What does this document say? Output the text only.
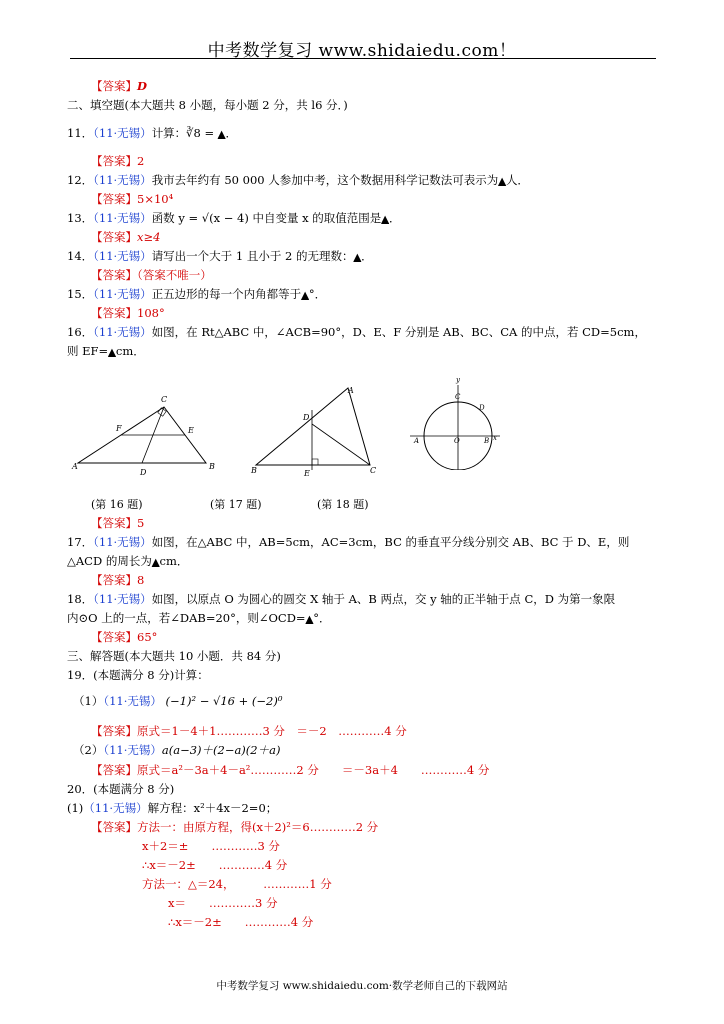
中考数学复习 www.shidaiedu.com！
【答案】D
二、填空题(本大题共 8 小题，每小题 2 分，共 l6 分．)
11．（11·无锡）计算：∛8 = ▲．
【答案】2
12．（11·无锡）我市去年约有 50 000 人参加中考，这个数据用科学记数法可表示为▲人．
【答案】5×10⁴
13．（11·无锡）函数 y = √(x − 4) 中自变量 x 的取值范围是▲．
【答案】x≥4
14．（11·无锡）请写出一个大于 1 且小于 2 的无理数：▲．
【答案】（答案不唯一）
15．（11·无锡）正五边形的每一个内角都等于▲°．
【答案】108°
16．（11·无锡）如图，在 Rt△ABC 中，∠ACB=90°，D、E、F 分别是 AB、BC、CA 的中点，若 CD=5cm，
则 EF=▲cm．
C
F	E
A	B
D
A
D
B	E	C
y
C
D
A	O	B x
(第 16 题)	(第 17 题)	(第 18 题)
【答案】5
17．（11·无锡）如图，在△ABC 中，AB=5cm，AC=3cm，BC 的垂直平分线分别交 AB、BC 于 D、E，则
△ACD 的周长为▲cm．
【答案】8
18．（11·无锡）如图，以原点 O 为圆心的圆交 X 轴于 A、B 两点，交 y 轴的正半轴于点 C，D 为第一象限
内⊙O 上的一点，若∠DAB=20°，则∠OCD=▲°．
【答案】65°
三、解答题(本大题共 10 小题．共 84 分)
19．(本题满分 8 分)计算：
（1）（11·无锡） (−1)² − √16 + (−2)⁰
【答案】原式＝1－4＋1…………3 分　＝－2　…………4 分
（2）（11·无锡）a(a−3)＋(2−a)(2＋a)
【答案】原式＝a²－3a＋4－a²…………2 分　　＝－3a＋4　　…………4 分
20．(本题满分 8 分)
(1)（11·无锡）解方程：x²＋4x－2=0；
【答案】方法一：由原方程，得(x＋2)²＝6…………2 分
x＋2＝±　　…………3 分
∴x＝－2±　　…………4 分
方法一：△＝24，　　　…………1 分
x＝　　…………3 分
∴x＝－2±　　…………4 分
中考数学复习 www.shidaiedu.com·数学老师自己的下载网站
